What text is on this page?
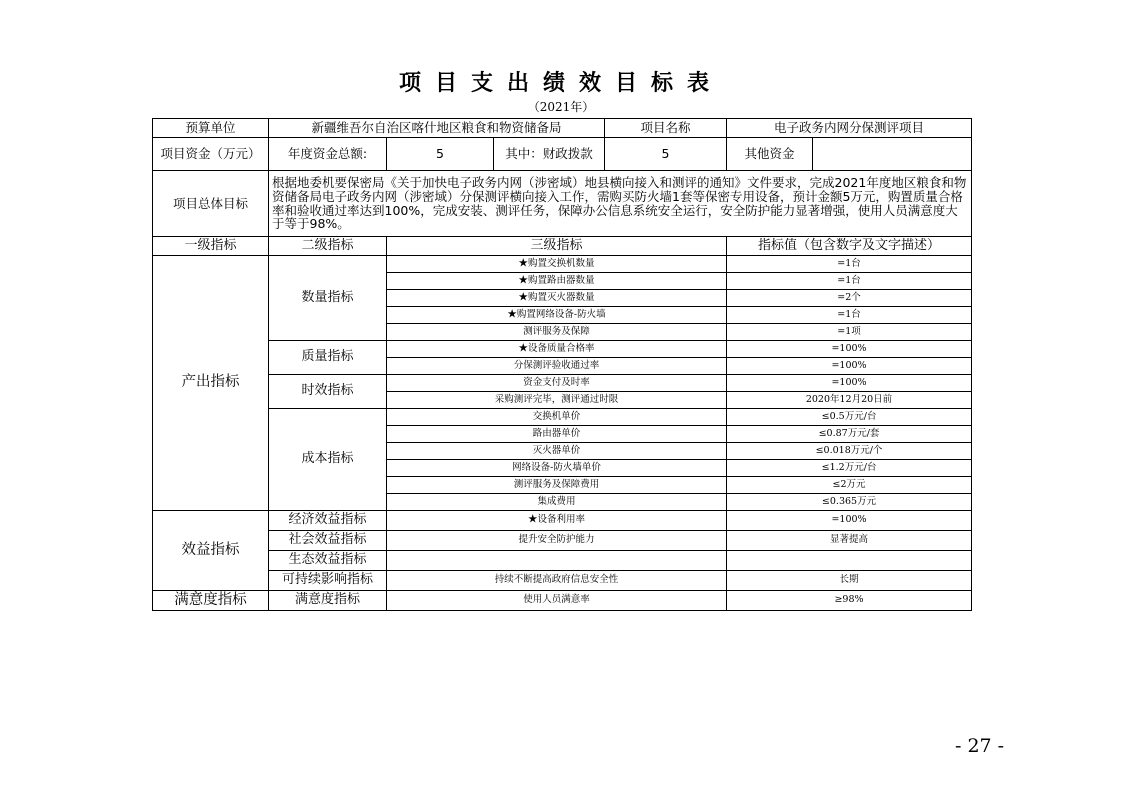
项目支出绩效目标表
（2021年）
预算单位	新疆维吾尔自治区喀什地区粮食和物资储备局			项目名称	电子政务内网分保测评项目	
项目资金（万元）	年度资金总额:	5	其中：财政拨款	5	其他资金	
项目总体目标	根据地委机要保密局《关于加快电子政务内网（涉密域）地县横向接入和测评的通知》文件要求，完成2021年度地区粮食和物资储备局电子政务内网（涉密域）分保测评横向接入工作，需购买防火墙1套等保密专用设备，预计金额5万元，购置质量合格率和验收通过率达到100%，完成安装、测评任务，保障办公信息系统安全运行，安全防护能力显著增强，使用人员满意度大于等于98%。					
一级指标	二级指标	三级指标			指标值（包含数字及文字描述）	
产出指标	数量指标	★购置交换机数量			=1台	
		★购置路由器数量			=1台	
		★购置灭火器数量			=2个	
		★购置网络设备-防火墙			=1台	
		测评服务及保障			=1项	
	质量指标	★设备质量合格率			=100%	
		分保测评验收通过率			=100%	
	时效指标	资金支付及时率			=100%	
		采购测评完毕，测评通过时限			2020年12月20日前	
	成本指标	交换机单价			≤0.5万元/台	
		路由器单价			≤0.87万元/套	
		灭火器单价			≤0.018万元/个	
		网络设备-防火墙单价			≤1.2万元/台	
		测评服务及保障费用			≤2万元	
		集成费用			≤0.365万元	
效益指标	经济效益指标	★设备利用率			=100%	
	社会效益指标	提升安全防护能力			显著提高	
	生态效益指标					
	可持续影响指标	持续不断提高政府信息安全性			长期	
满意度指标	满意度指标	使用人员满意率			≥98%	
- 27 -
